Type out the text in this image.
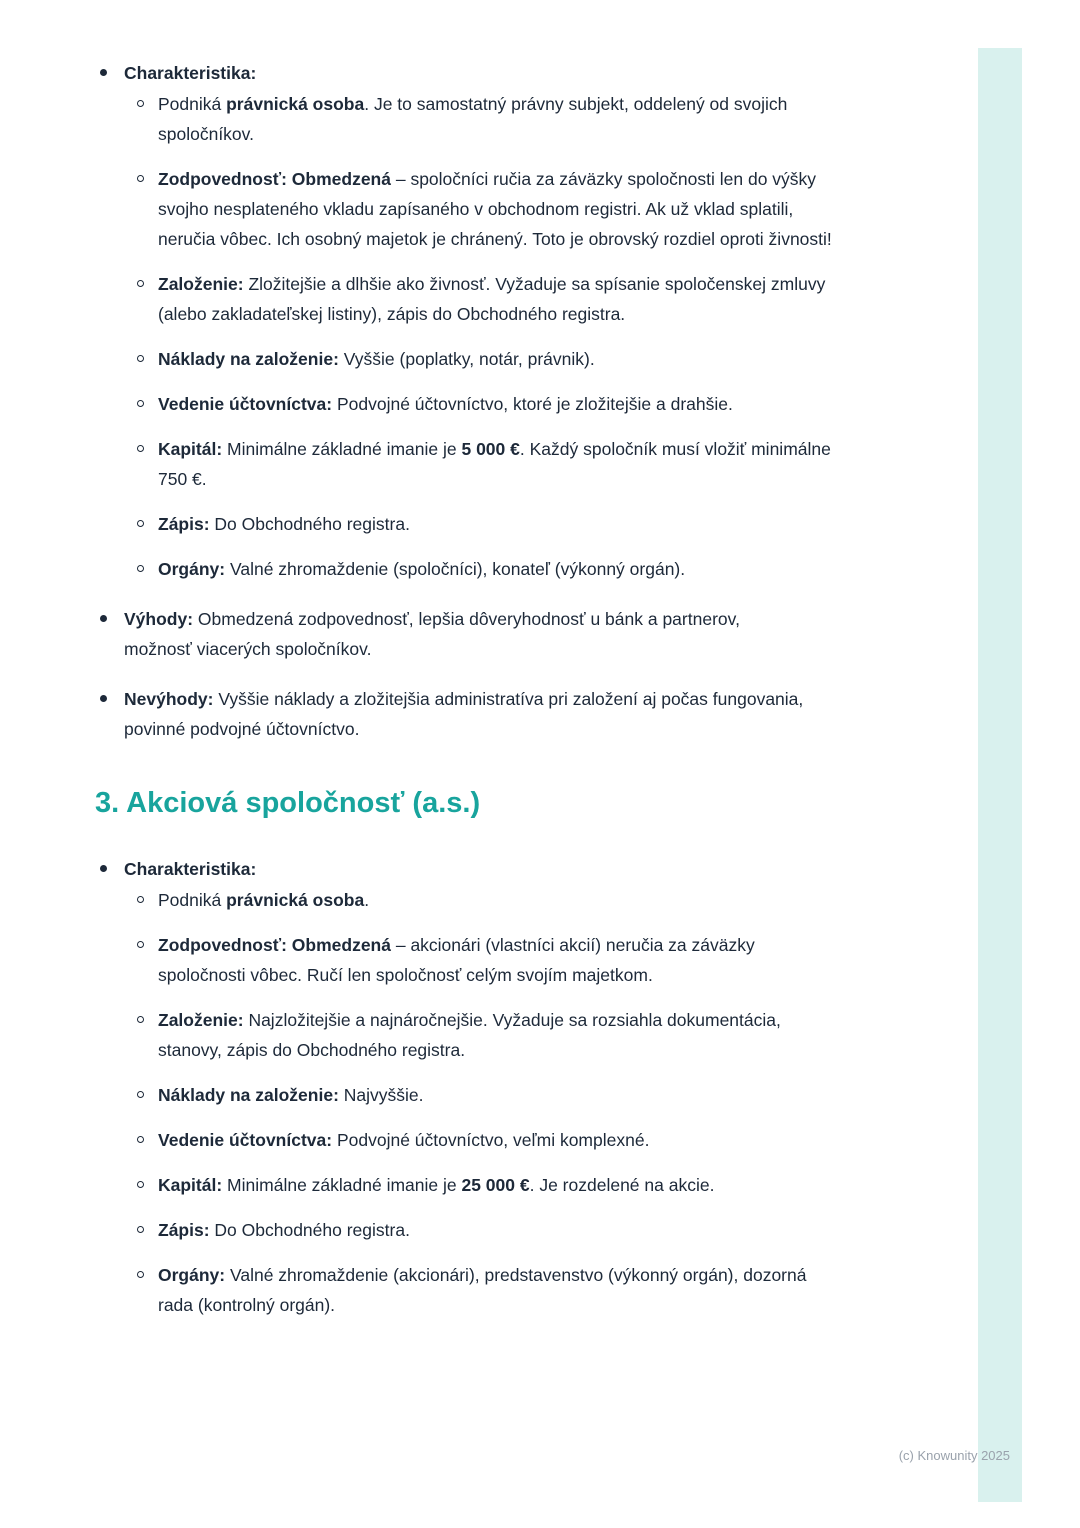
Charakteristika:
Podniká právnická osoba. Je to samostatný právny subjekt, oddelený od svojich spoločníkov.
Zodpovednosť: Obmedzená – spoločníci ručia za záväzky spoločnosti len do výšky svojho nesplateného vkladu zapísaného v obchodnom registri. Ak už vklad splatili, neručia vôbec. Ich osobný majetok je chránený. Toto je obrovský rozdiel oproti živnosti!
Založenie: Zložitejšie a dlhšie ako živnosť. Vyžaduje sa spísanie spoločenskej zmluvy (alebo zakladateľskej listiny), zápis do Obchodného registra.
Náklady na založenie: Vyššie (poplatky, notár, právnik).
Vedenie účtovníctva: Podvojné účtovníctvo, ktoré je zložitejšie a drahšie.
Kapitál: Minimálne základné imanie je 5 000 €. Každý spoločník musí vložiť minimálne 750 €.
Zápis: Do Obchodného registra.
Orgány: Valné zhromaždenie (spoločníci), konateľ (výkonný orgán).
Výhody: Obmedzená zodpovednosť, lepšia dôveryhodnosť u bánk a partnerov, možnosť viacerých spoločníkov.
Nevýhody: Vyššie náklady a zložitejšia administratíva pri založení aj počas fungovania, povinné podvojné účtovníctvo.
3. Akciová spoločnosť (a.s.)
Charakteristika:
Podniká právnická osoba.
Zodpovednosť: Obmedzená – akcionári (vlastníci akcií) neručia za záväzky spoločnosti vôbec. Ručí len spoločnosť celým svojím majetkom.
Založenie: Najzložitejšie a najnáročnejšie. Vyžaduje sa rozsiahla dokumentácia, stanovy, zápis do Obchodného registra.
Náklady na založenie: Najvyššie.
Vedenie účtovníctva: Podvojné účtovníctvo, veľmi komplexné.
Kapitál: Minimálne základné imanie je 25 000 €. Je rozdelené na akcie.
Zápis: Do Obchodného registra.
Orgány: Valné zhromaždenie (akcionári), predstavenstvo (výkonný orgán), dozorná rada (kontrolný orgán).
(c) Knowunity 2025
